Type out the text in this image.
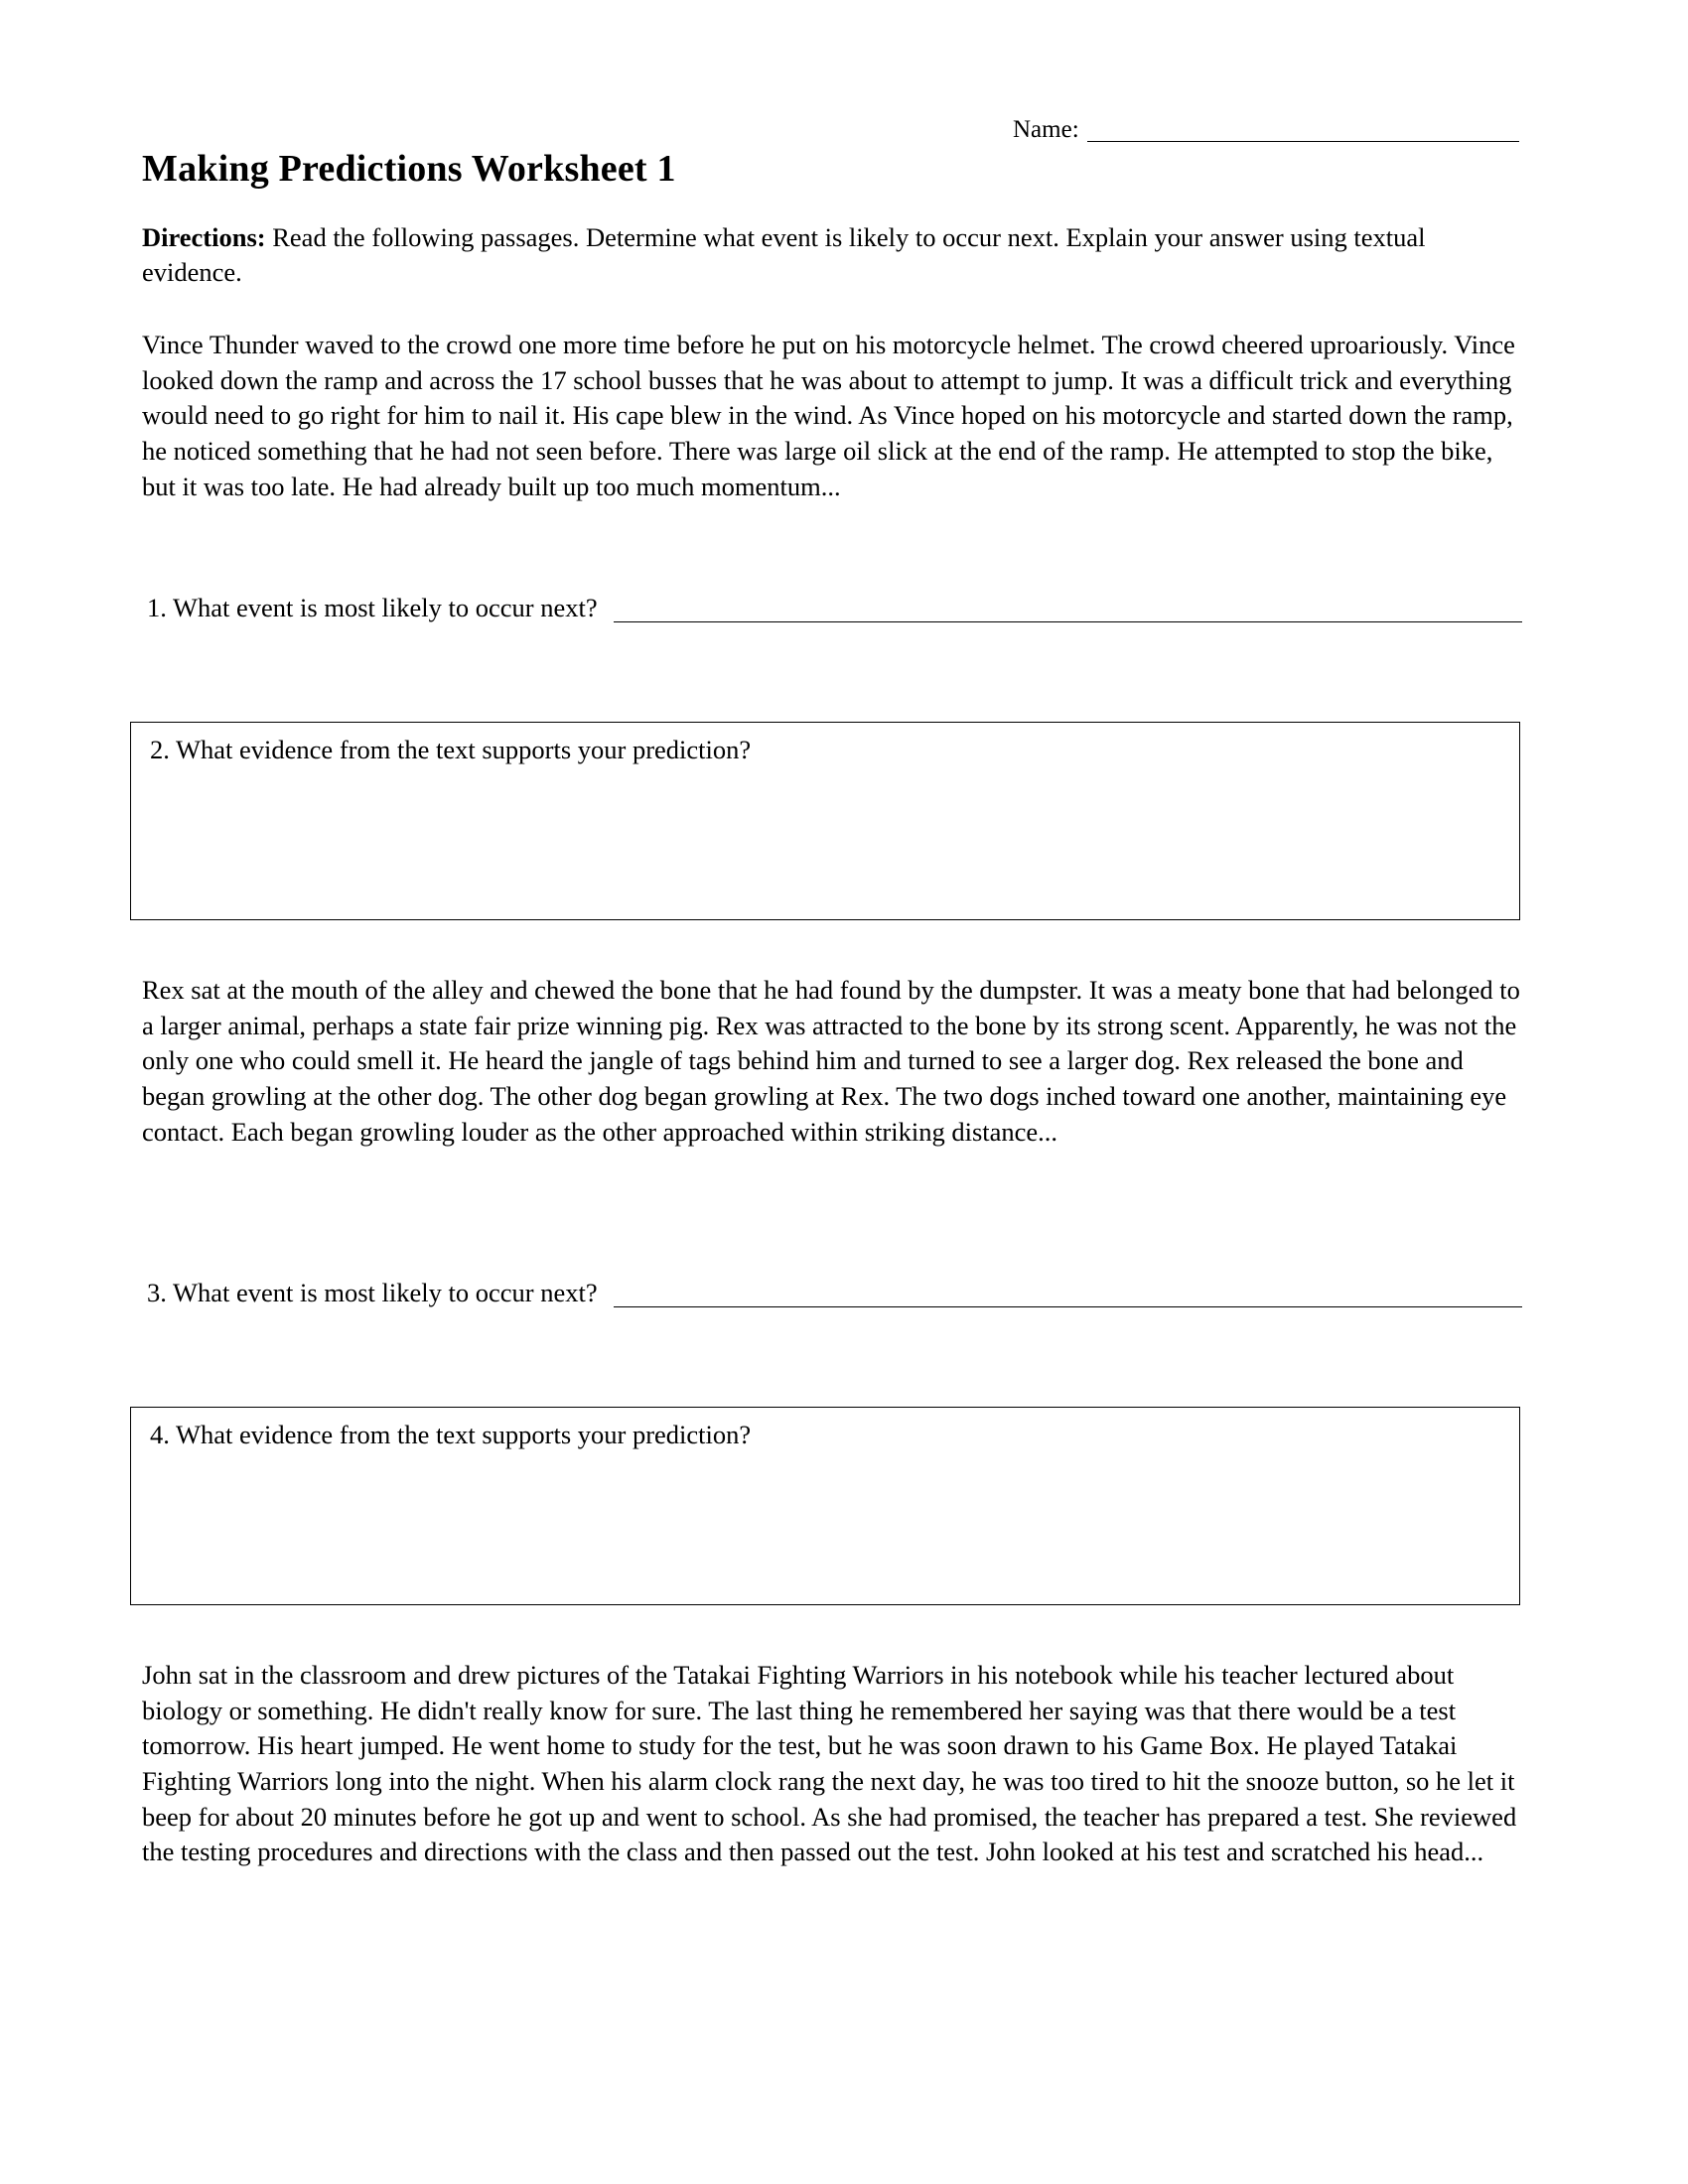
Name:
Making Predictions Worksheet 1
Directions: Read the following passages. Determine what event is likely to occur next. Explain your answer using textual evidence.
Vince Thunder waved to the crowd one more time before he put on his motorcycle helmet. The crowd cheered uproariously. Vince looked down the ramp and across the 17 school busses that he was about to attempt to jump. It was a difficult trick and everything would need to go right for him to nail it. His cape blew in the wind. As Vince hoped on his motorcycle and started down the ramp, he noticed something that he had not seen before. There was large oil slick at the end of the ramp. He attempted to stop the bike, but it was too late. He had already built up too much momentum...
1. What event is most likely to occur next?
2. What evidence from the text supports your prediction?
Rex sat at the mouth of the alley and chewed the bone that he had found by the dumpster. It was a meaty bone that had belonged to a larger animal, perhaps a state fair prize winning pig. Rex was attracted to the bone by its strong scent. Apparently, he was not the only one who could smell it. He heard the jangle of tags behind him and turned to see a larger dog. Rex released the bone and began growling at the other dog. The other dog began growling at Rex. The two dogs inched toward one another, maintaining eye contact. Each began growling louder as the other approached within striking distance...
3. What event is most likely to occur next?
4. What evidence from the text supports your prediction?
John sat in the classroom and drew pictures of the Tatakai Fighting Warriors in his notebook while his teacher lectured about biology or something. He didn't really know for sure. The last thing he remembered her saying was that there would be a test tomorrow. His heart jumped. He went home to study for the test, but he was soon drawn to his Game Box. He played Tatakai Fighting Warriors long into the night. When his alarm clock rang the next day, he was too tired to hit the snooze button, so he let it beep for about 20 minutes before he got up and went to school. As she had promised, the teacher has prepared a test. She reviewed the testing procedures and directions with the class and then passed out the test. John looked at his test and scratched his head...
